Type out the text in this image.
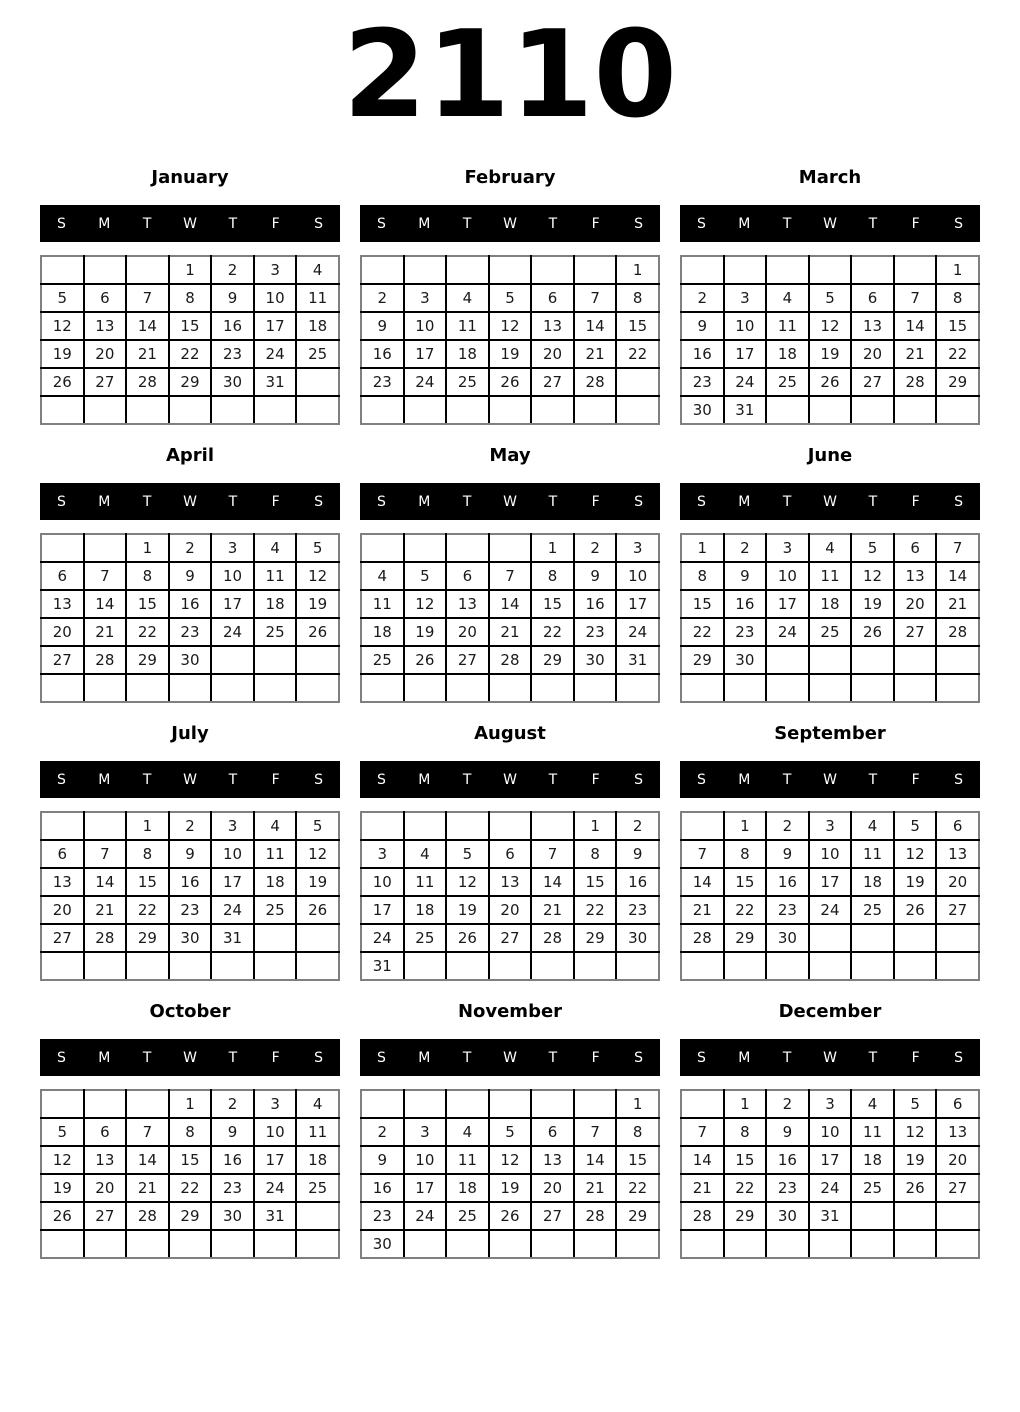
2110
January
S	M	T	W	T	F	S
			1	2	3	4
5	6	7	8	9	10	11
12	13	14	15	16	17	18
19	20	21	22	23	24	25
26	27	28	29	30	31	

February
S	M	T	W	T	F	S
						1
2	3	4	5	6	7	8
9	10	11	12	13	14	15
16	17	18	19	20	21	22
23	24	25	26	27	28	

March
S	M	T	W	T	F	S
						1
2	3	4	5	6	7	8
9	10	11	12	13	14	15
16	17	18	19	20	21	22
23	24	25	26	27	28	29
30	31					
April
S	M	T	W	T	F	S
		1	2	3	4	5
6	7	8	9	10	11	12
13	14	15	16	17	18	19
20	21	22	23	24	25	26
27	28	29	30			

May
S	M	T	W	T	F	S
				1	2	3
4	5	6	7	8	9	10
11	12	13	14	15	16	17
18	19	20	21	22	23	24
25	26	27	28	29	30	31

June
S	M	T	W	T	F	S
1	2	3	4	5	6	7
8	9	10	11	12	13	14
15	16	17	18	19	20	21
22	23	24	25	26	27	28
29	30					

July
S	M	T	W	T	F	S
		1	2	3	4	5
6	7	8	9	10	11	12
13	14	15	16	17	18	19
20	21	22	23	24	25	26
27	28	29	30	31		

August
S	M	T	W	T	F	S
					1	2
3	4	5	6	7	8	9
10	11	12	13	14	15	16
17	18	19	20	21	22	23
24	25	26	27	28	29	30
31						
September
S	M	T	W	T	F	S
	1	2	3	4	5	6
7	8	9	10	11	12	13
14	15	16	17	18	19	20
21	22	23	24	25	26	27
28	29	30				

October
S	M	T	W	T	F	S
			1	2	3	4
5	6	7	8	9	10	11
12	13	14	15	16	17	18
19	20	21	22	23	24	25
26	27	28	29	30	31	

November
S	M	T	W	T	F	S
						1
2	3	4	5	6	7	8
9	10	11	12	13	14	15
16	17	18	19	20	21	22
23	24	25	26	27	28	29
30						
December
S	M	T	W	T	F	S
	1	2	3	4	5	6
7	8	9	10	11	12	13
14	15	16	17	18	19	20
21	22	23	24	25	26	27
28	29	30	31			
